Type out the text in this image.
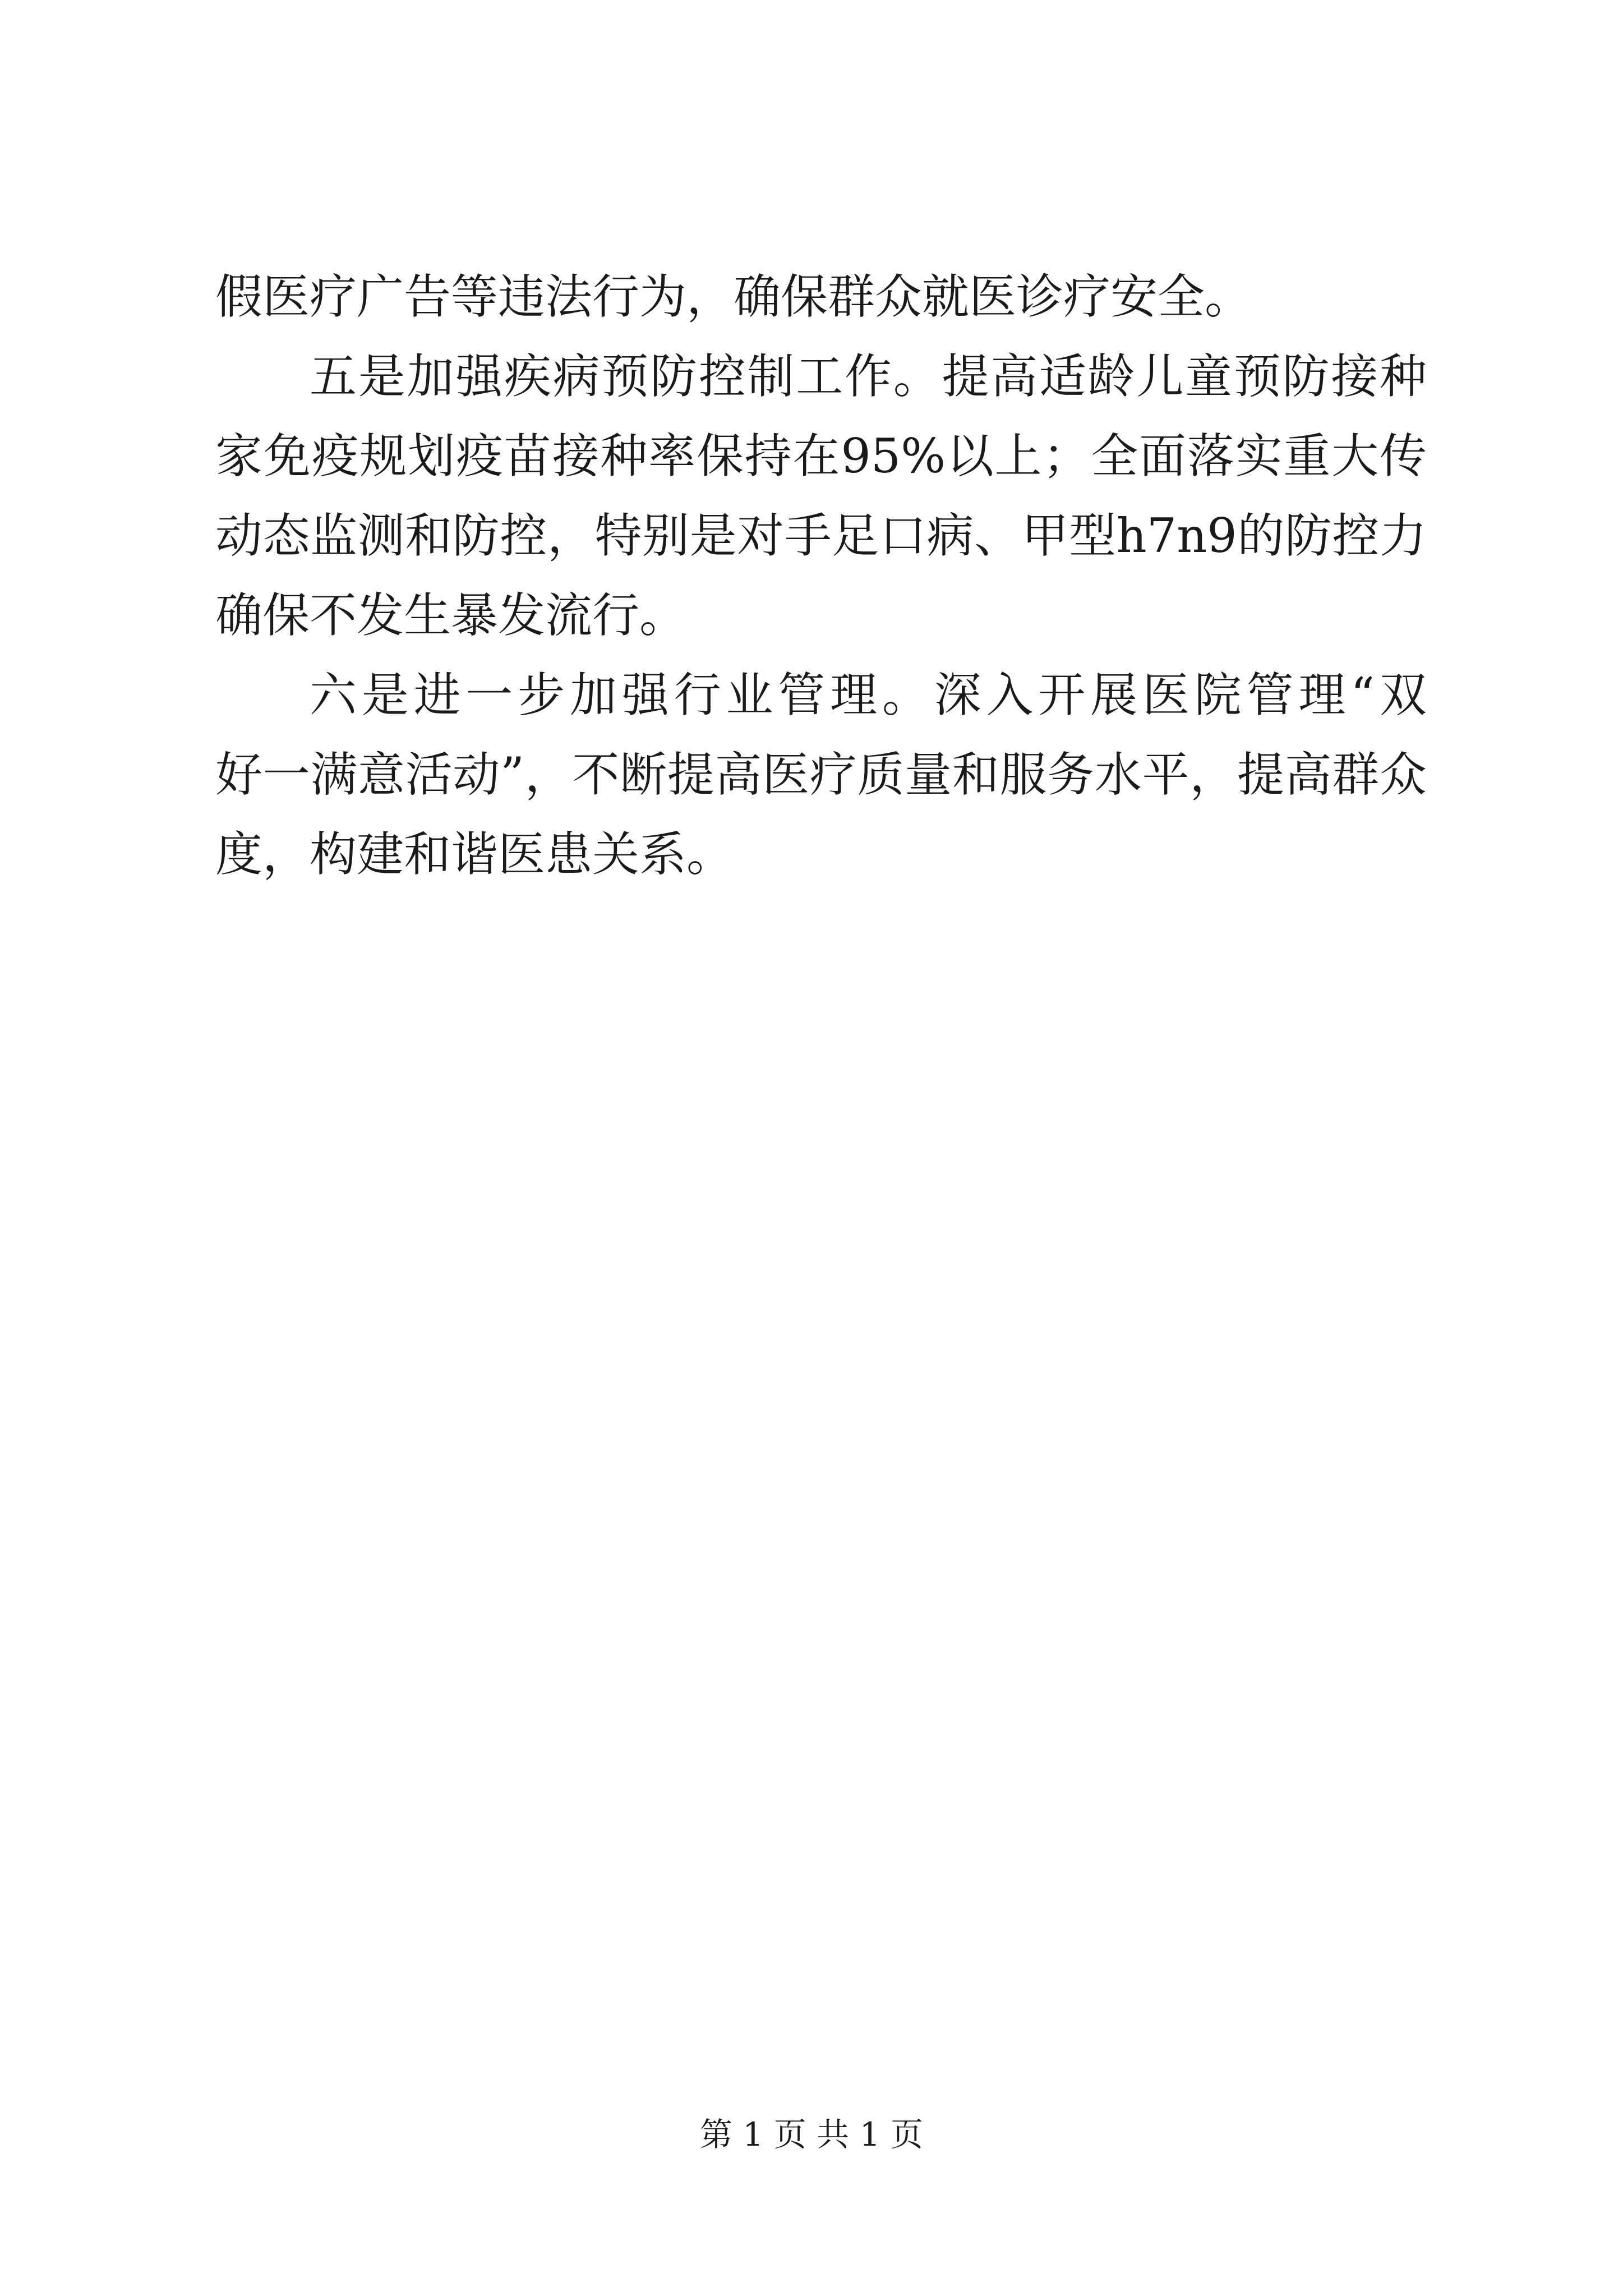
假医疗广告等违法行为，确保群众就医诊疗安全。
五是加强疾病预防控制工作。提高适龄儿童预防接种
家免疫规划疫苗接种率保持在95%以上；全面落实重大传
动态监测和防控，特别是对手足口病、甲型h7n9的防控力
确保不发生暴发流行。
六是进一步加强行业管理。深入开展医院管理“双
好一满意活动”，不断提高医疗质量和服务水平，提高群众
度，构建和谐医患关系。
第 1 页 共 1 页
